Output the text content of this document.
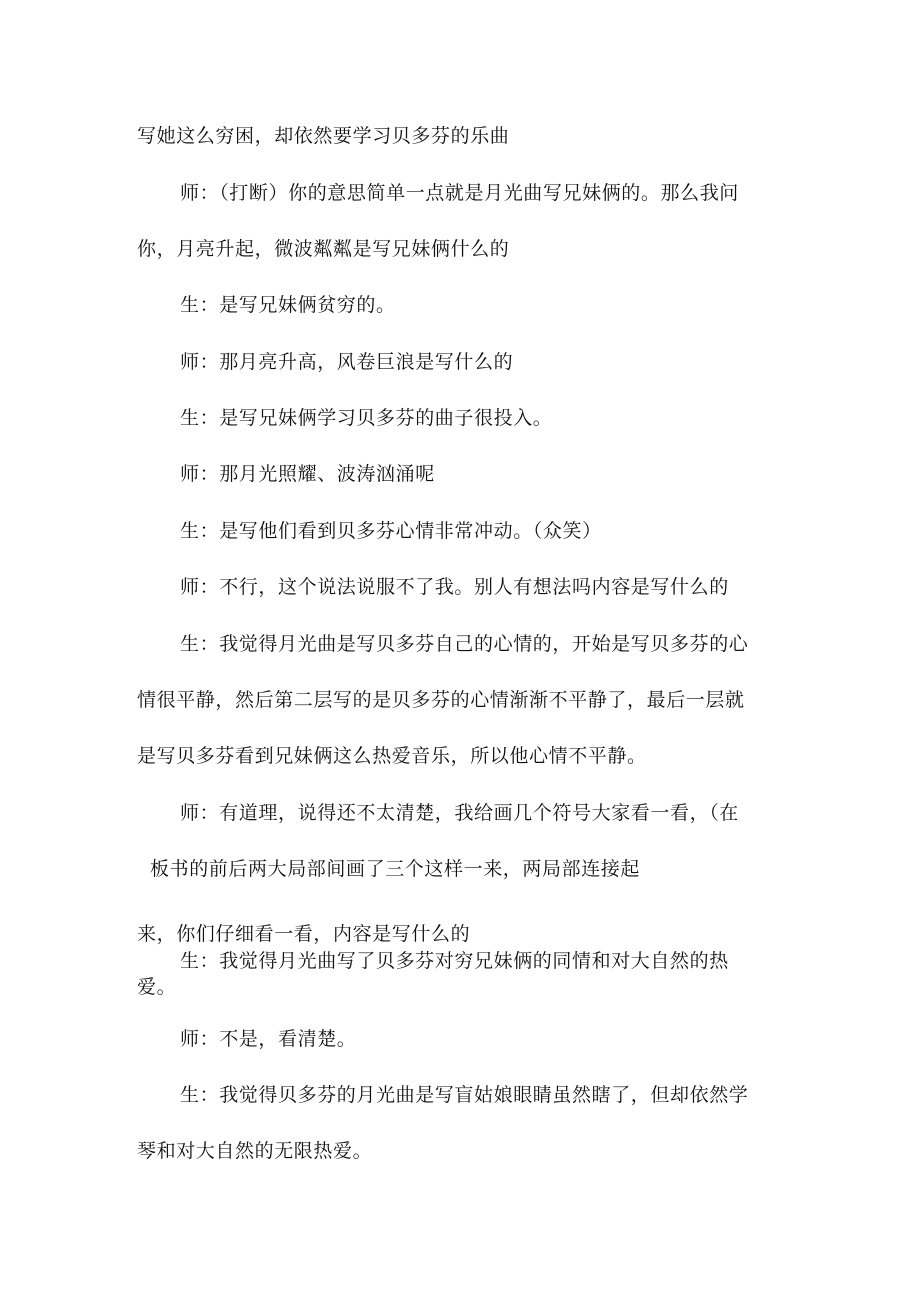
写她这么穷困，却依然要学习贝多芬的乐曲
师：（打断）你的意思简单一点就是月光曲写兄妹俩的。那么我问
你，月亮升起，微波粼粼是写兄妹俩什么的
生：是写兄妹俩贫穷的。
师：那月亮升高，风卷巨浪是写什么的
生：是写兄妹俩学习贝多芬的曲子很投入。
师：那月光照耀、波涛汹涌呢
生：是写他们看到贝多芬心情非常冲动。（众笑）
师：不行，这个说法说服不了我。别人有想法吗内容是写什么的
生：我觉得月光曲是写贝多芬自己的心情的，开始是写贝多芬的心
情很平静，然后第二层写的是贝多芬的心情渐渐不平静了，最后一层就
是写贝多芬看到兄妹俩这么热爱音乐，所以他心情不平静。
师：有道理，说得还不太清楚，我给画几个符号大家看一看，（在
板书的前后两大局部间画了三个这样一来，两局部连接起
来，你们仔细看一看，内容是写什么的
生：我觉得月光曲写了贝多芬对穷兄妹俩的同情和对大自然的热
爱。
师：不是，看清楚。
生：我觉得贝多芬的月光曲是写盲姑娘眼睛虽然瞎了，但却依然学
琴和对大自然的无限热爱。
